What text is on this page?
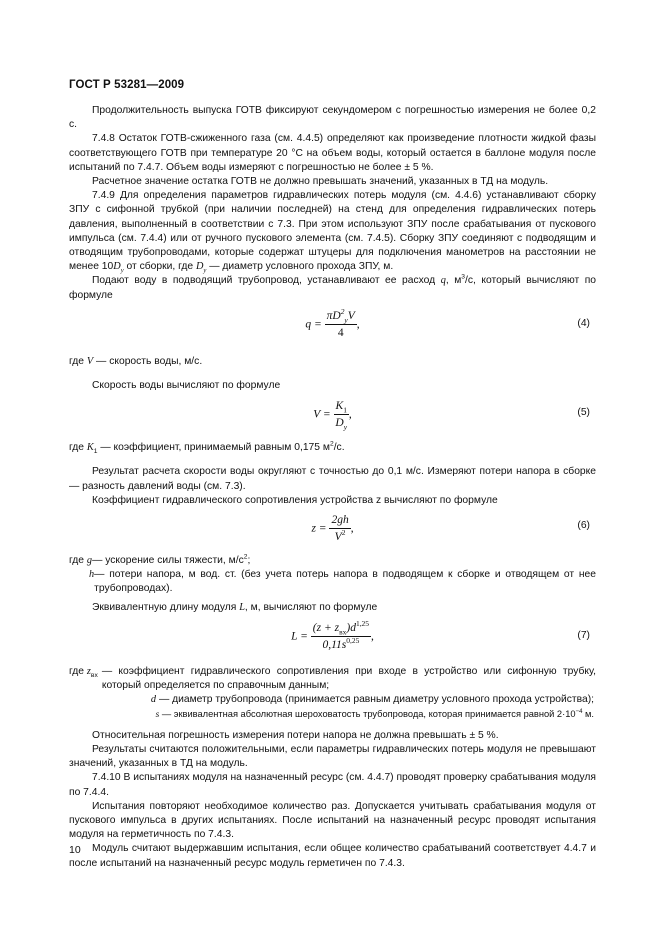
ГОСТ Р 53281—2009

Продолжительность выпуска ГОТВ фиксируют секундомером с погрешностью измерения не более 0,2 с.

7.4.8 Остаток ГОТВ-сжиженного газа (см. 4.4.5) определяют как произведение плотности жидкой фазы соответствующего ГОТВ при температуре 20 °С на объем воды, который остается в баллоне модуля после испытаний по 7.4.7. Объем воды измеряют с погрешностью не более ± 5 %.

Расчетное значение остатка ГОТВ не должно превышать значений, указанных в ТД на модуль.

7.4.9 Для определения параметров гидравлических потерь модуля (см. 4.4.6) устанавливают сборку ЗПУ с сифонной трубкой (при наличии последней) на стенд для определения гидравлических потерь давления, выполненный в соответствии с 7.3. При этом используют ЗПУ после срабатывания от пускового импульса (см. 7.4.4) или от ручного пускового элемента (см. 7.4.5). Сборку ЗПУ соединяют с подводящим и отводящим трубопроводами, которые содержат штуцеры для подключения манометров на расстоянии не менее $10D_y$ от сборки, где $D_y$ — диаметр условного прохода ЗПУ, м.

Подают воду в подводящий трубопровод, устанавливают ее расход q, $м^3/с$, который вычисляют по формуле

$q = \frac{\pi D^2_yV}{4}$ ,	(4)

где V — скорость воды, м/с.

Скорость воды вычисляют по формуле

$V = \frac{K_1}{D_y}$ ,	(5)

где $K_1$ — коэффициент, принимаемый равным 0,175 $м^2/с$.

Результат расчета скорости воды округляют с точностью до 0,1 м/с. Измеряют потери напора в сборке — разность давлений воды (см. 7.3).

Коэффициент гидравлического сопротивления устройства z вычисляют по формуле

$z = \frac{2gh}{V^2}$ ,	(6)
где g — ускорение силы тяжести, $м/с^2$;
h — потери напора, м вод. ст. (без учета потерь напора в подводящем к сборке и отводящем от нее трубопроводах).

Эквивалентную длину модуля L, м, вычисляют по формуле

$L = \frac{(z + z_{вх})d^{1,25}}{0,11s^{0,25}}$ ,	(7)
где $z_{вх}$ — коэффициент гидравлического сопротивления при входе в устройство или сифонную трубку, который определяется по справочным данным;
d — диаметр трубопровода (принимается равным диаметру условного прохода устройства);
s — эквивалентная абсолютная шероховатость трубопровода, которая принимается равной $2\cdot 10^{-4}$ м.

Относительная погрешность измерения потери напора не должна превышать ± 5 %.

Результаты считаются положительными, если параметры гидравлических потерь модуля не превышают значений, указанных в ТД на модуль.

7.4.10 В испытаниях модуля на назначенный ресурс (см. 4.4.7) проводят проверку срабатывания модуля по 7.4.4.

Испытания повторяют необходимое количество раз. Допускается учитывать срабатывания модуля от пускового импульса в других испытаниях. После испытаний на назначенный ресурс проводят испытания модуля на герметичность по 7.4.3.

Модуль считают выдержавшим испытания, если общее количество срабатываний соответствует 4.4.7 и после испытаний на назначенный ресурс модуль герметичен по 7.4.3.

10
